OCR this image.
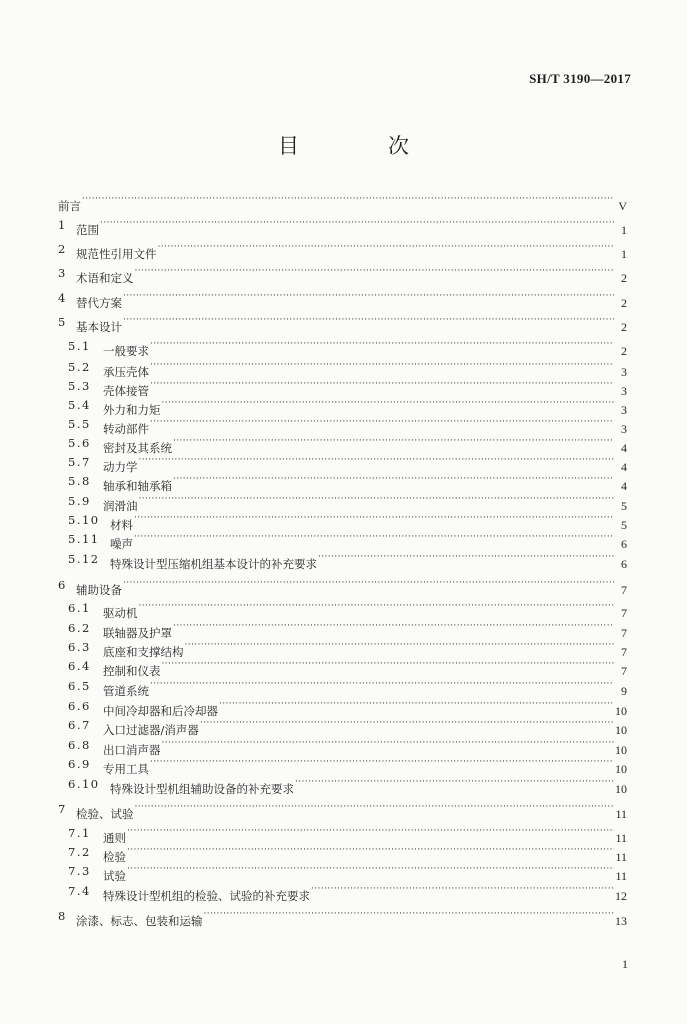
SH/T 3190—2017
目　次
前言 ·····	V
1 范围 ·····	1
2 规范性引用文件 ·····	1
3 术语和定义 ·····	2
4 替代方案 ·····	2
5 基本设计 ·····	2
5.1 一般要求 ·····	2
5.2 承压壳体 ·····	3
5.3 壳体接管 ·····	3
5.4 外力和力矩 ·····	3
5.5 转动部件 ·····	3
5.6 密封及其系统 ·····	4
5.7 动力学 ·····	4
5.8 轴承和轴承箱 ·····	4
5.9 润滑油 ·····	5
5.10 材料 ·····	5
5.11 噪声 ·····	6
5.12 特殊设计型压缩机组基本设计的补充要求 ·····	6
6 辅助设备 ·····	7
6.1 驱动机 ·····	7
6.2 联轴器及护罩 ·····	7
6.3 底座和支撑结构 ·····	7
6.4 控制和仪表 ·····	7
6.5 管道系统 ·····	9
6.6 中间冷却器和后冷却器 ·····	10
6.7 入口过滤器/消声器 ·····	10
6.8 出口消声器 ·····	10
6.9 专用工具 ·····	10
6.10 特殊设计型机组辅助设备的补充要求 ·····	10
7 检验、试验 ·····	11
7.1 通则 ·····	11
7.2 检验 ·····	11
7.3 试验 ·····	11
7.4 特殊设计型机组的检验、试验的补充要求 ·····	12
8 涂漆、标志、包装和运输 ·····	13
1
